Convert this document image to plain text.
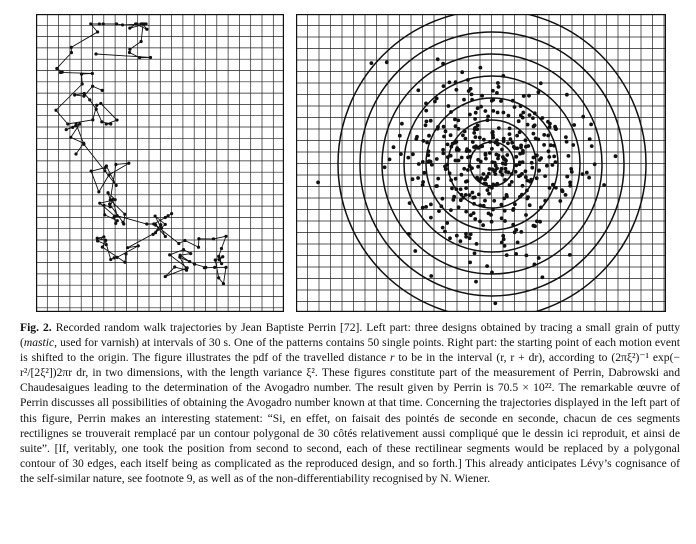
Fig. 2. Recorded random walk trajectories by Jean Baptiste Perrin [72]. Left part: three designs obtained by tracing a small grain of putty (mastic, used for varnish) at intervals of 30 s. One of the patterns contains 50 single points. Right part: the starting point of each motion event is shifted to the origin. The figure illustrates the pdf of the travelled distance r to be in the interval (r, r + dr), according to (2πξ²)⁻¹ exp(− r²/[2ξ²])2πr dr, in two dimensions, with the length variance ξ². These figures constitute part of the measurement of Perrin, Dabrowski and Chaudesaigues leading to the determination of the Avogadro number. The result given by Perrin is 70.5 × 10²². The remarkable œuvre of Perrin discusses all possibilities of obtaining the Avogadro number known at that time. Concerning the trajectories displayed in the left part of this figure, Perrin makes an interesting statement: “Si, en effet, on faisait des pointés de seconde en seconde, chacun de ces segments rectilignes se trouverait remplacé par un contour polygonal de 30 côtés relativement aussi compliqué que le dessin ici reproduit, et ainsi de suite”. [If, veritably, one took the position from second to second, each of these rectilinear segments would be replaced by a polygonal contour of 30 edges, each itself being as complicated as the reproduced design, and so forth.] This already anticipates Lévy’s cognisance of the self-similar nature, see footnote 9, as well as of the non-differentiability recognised by N. Wiener.
